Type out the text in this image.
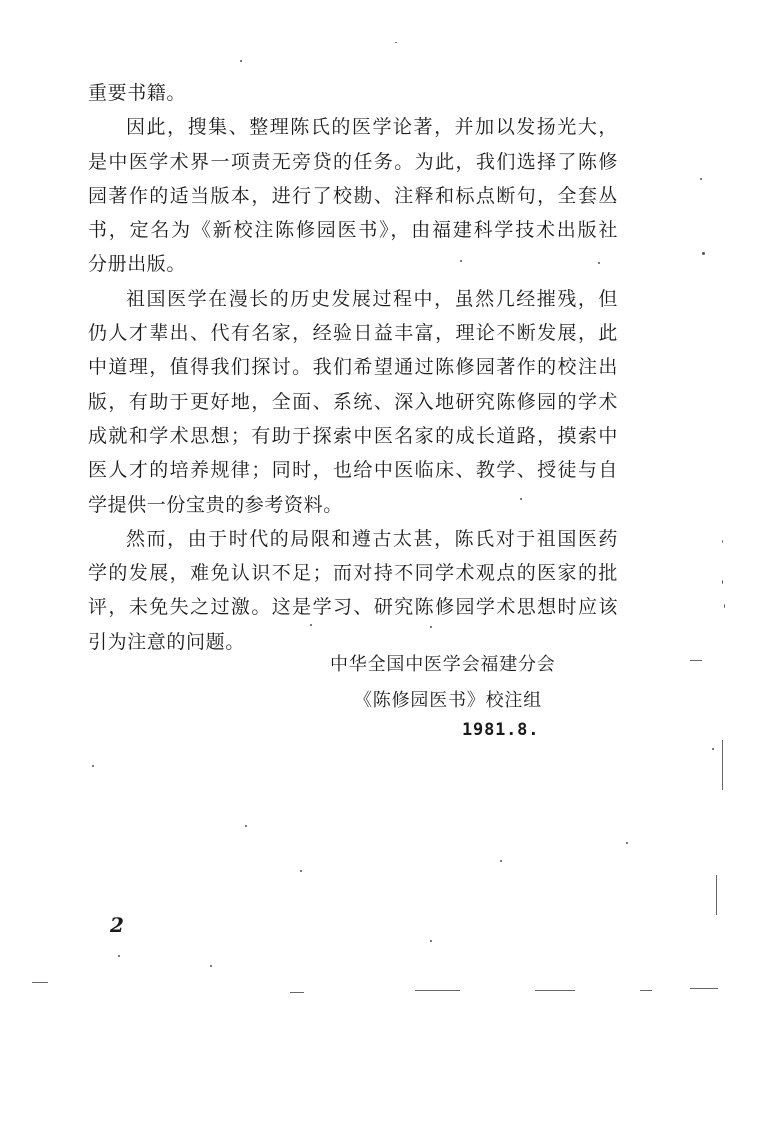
重要书籍。
因此，搜集、整理陈氏的医学论著，并加以发扬光大，
是中医学术界一项责无旁贷的任务。为此，我们选择了陈修
园著作的适当版本，进行了校勘、注释和标点断句，全套丛
书，定名为《新校注陈修园医书》，由福建科学技术出版社
分册出版。
祖国医学在漫长的历史发展过程中，虽然几经摧残，但
仍人才辈出、代有名家，经验日益丰富，理论不断发展，此
中道理，值得我们探讨。我们希望通过陈修园著作的校注出
版，有助于更好地，全面、系统、深入地研究陈修园的学术
成就和学术思想；有助于探索中医名家的成长道路，摸索中
医人才的培养规律；同时，也给中医临床、教学、授徒与自
学提供一份宝贵的参考资料。
然而，由于时代的局限和遵古太甚，陈氏对于祖国医药
学的发展，难免认识不足；而对持不同学术观点的医家的批
评，未免失之过激。这是学习、研究陈修园学术思想时应该
引为注意的问题。
中华全国中医学会福建分会
《陈修园医书》校注组
1981.8.
2
